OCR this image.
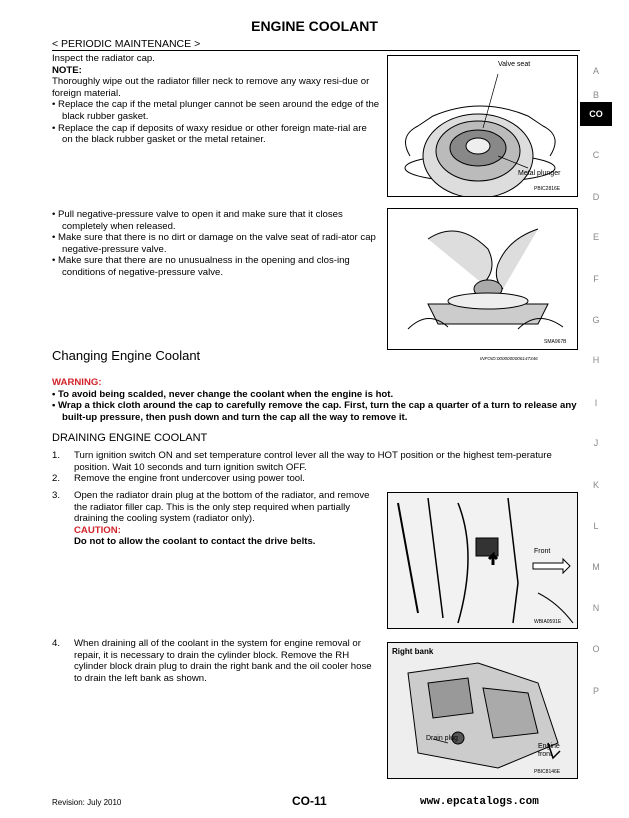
ENGINE COOLANT
< PERIODIC MAINTENANCE >

Inspect the radiator cap.

NOTE:

Thoroughly wipe out the radiator filler neck to remove any waxy resi-due or foreign material.

• Replace the cap if the metal plunger cannot be seen around the edge of the black rubber gasket.

• Replace the cap if deposits of waxy residue or other foreign mate-rial are on the black rubber gasket or the metal retainer.

Valve seat
Metal plunger
PBIC2816E

• Pull negative-pressure valve to open it and make sure that it closes completely when released.

• Make sure that there is no dirt or damage on the valve seat of radi-ator cap negative-pressure valve.

• Make sure that there are no unusualness in the opening and clos-ing conditions of negative-pressure valve.

SMA967B
Changing Engine Coolant	INFOID:0000000006147346

WARNING:

• To avoid being scalded, never change the coolant when the engine is hot.

• Wrap a thick cloth around the cap to carefully remove the cap. First, turn the cap a quarter of a turn to release any built-up pressure, then push down and turn the cap all the way to remove it.

DRAINING ENGINE COOLANT
1. Turn ignition switch ON and set temperature control lever all the way to HOT position or the highest tem-perature position. Wait 10 seconds and turn ignition switch OFF.
2. Remove the engine front undercover using power tool.
3. Open the radiator drain plug at the bottom of the radiator, and remove the radiator filler cap. This is the only step required when partially draining the cooling system (radiator only).

CAUTION:

Do not to allow the coolant to contact the drive belts.

Front
WBIA0591E
4. When draining all of the coolant in the system for engine removal or repair, it is necessary to drain the cylinder block. Remove the RH cylinder block drain plug to drain the right bank and the oil cooler hose to drain the left bank as shown.
Right bank
Drain plug
Engine front
PBIC8146E
A
B
CO
C
D
E
F
G
H
I
J
K
L
M
N
O
P
Revision: July 2010	CO-11	www.epcatalogs.com
